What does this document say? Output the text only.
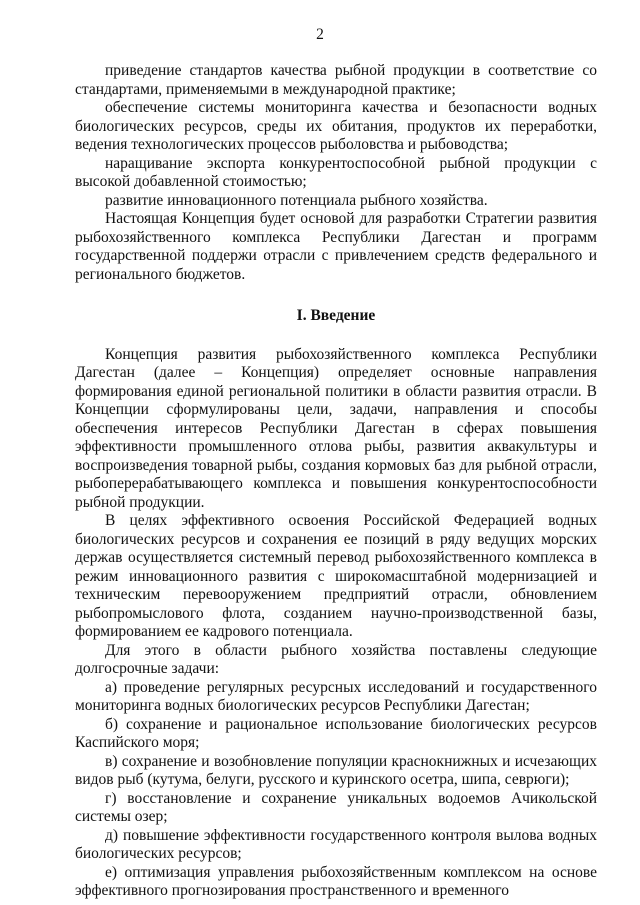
2

приведение стандартов качества рыбной продукции в соответствие со стандартами, применяемыми в международной практике;

обеспечение системы мониторинга качества и безопасности водных биологических ресурсов, среды их обитания, продуктов их переработки, ведения технологических процессов рыболовства и рыбоводства;

наращивание экспорта конкурентоспособной рыбной продукции с высокой добавленной стоимостью;

развитие инновационного потенциала рыбного хозяйства.

Настоящая Концепция будет основой для разработки Стратегии развития рыбохозяйственного комплекса Республики Дагестан и программ государственной поддержи отрасли с привлечением средств федерального и регионального бюджетов.

I. Введение

Концепция развития рыбохозяйственного комплекса Республики Дагестан (далее – Концепция) определяет основные направления формирования единой региональной политики в области развития отрасли. В Концепции сформулированы цели, задачи, направления и способы обеспечения интересов Республики Дагестан в сферах повышения эффективности промышленного отлова рыбы, развития аквакультуры и воспроизведения товарной рыбы, создания кормовых баз для рыбной отрасли, рыбоперерабатывающего комплекса и повышения конкурентоспособности рыбной продукции.

В целях эффективного освоения Российской Федерацией водных биологических ресурсов и сохранения ее позиций в ряду ведущих морских держав осуществляется системный перевод рыбохозяйственного комплекса в режим инновационного развития с широкомасштабной модернизацией и техническим перевооружением предприятий отрасли, обновлением рыбопромыслового флота, созданием научно-производственной базы, формированием ее кадрового потенциала.

Для этого в области рыбного хозяйства поставлены следующие долгосрочные задачи:

а) проведение регулярных ресурсных исследований и государственного мониторинга водных биологических ресурсов Республики Дагестан;

б) сохранение и рациональное использование биологических ресурсов Каспийского моря;

в) сохранение и возобновление популяции краснокнижных и исчезающих видов рыб (кутума, белуги, русского и куринского осетра, шипа, севрюги);

г) восстановление и сохранение уникальных водоемов Ачикольской системы озер;

д) повышение эффективности государственного контроля вылова водных биологических ресурсов;

е) оптимизация управления рыбохозяйственным комплексом на основе эффективного прогнозирования пространственного и временного
